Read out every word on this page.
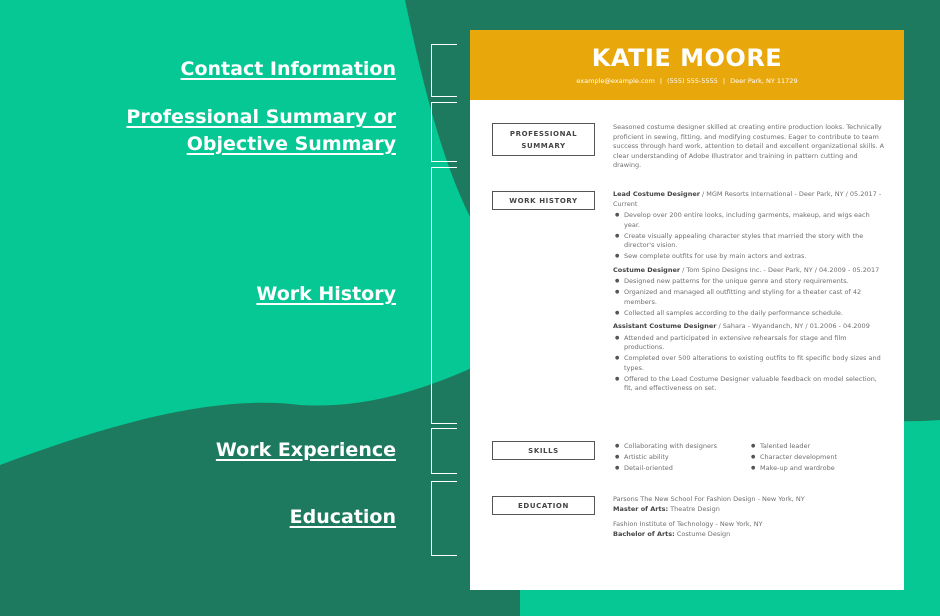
Contact Information
Professional Summary or
Objective Summary
Work History
Work Experience
Education
KATIE MOORE
example@example.com | (555) 555-5555 | Deer Park, NY 11729
PROFESSIONAL
SUMMARY
Seasoned costume designer skilled at creating entire production looks. Technically proficient in sewing, fitting, and modifying costumes. Eager to contribute to team success through hard work, attention to detail and excellent organizational skills. A clear understanding of Adobe Illustrator and training in pattern cutting and drawing.
WORK HISTORY
Lead Costume Designer / MGM Resorts International - Deer Park, NY / 05.2017 - Current
● Develop over 200 entire looks, including garments, makeup, and wigs each year.
● Create visually appealing character styles that married the story with the director's vision.
● Sew complete outfits for use by main actors and extras.
Costume Designer / Tom Spino Designs Inc. - Deer Park, NY / 04.2009 - 05.2017
● Designed new patterns for the unique genre and story requirements.
● Organized and managed all outfitting and styling for a theater cast of 42 members.
● Collected all samples according to the daily performance schedule.
Assistant Costume Designer / Sahara - Wyandanch, NY / 01.2006 - 04.2009
● Attended and participated in extensive rehearsals for stage and film productions.
● Completed over 500 alterations to existing outfits to fit specific body sizes and types.
● Offered to the Lead Costume Designer valuable feedback on model selection, fit, and effectiveness on set.
SKILLS
● Collaborating with designers
● Artistic ability
● Detail-oriented
● Talented leader
● Character development
● Make-up and wardrobe
EDUCATION
Parsons The New School For Fashion Design - New York, NY
Master of Arts: Theatre Design
Fashion Institute of Technology - New York, NY
Bachelor of Arts: Costume Design
